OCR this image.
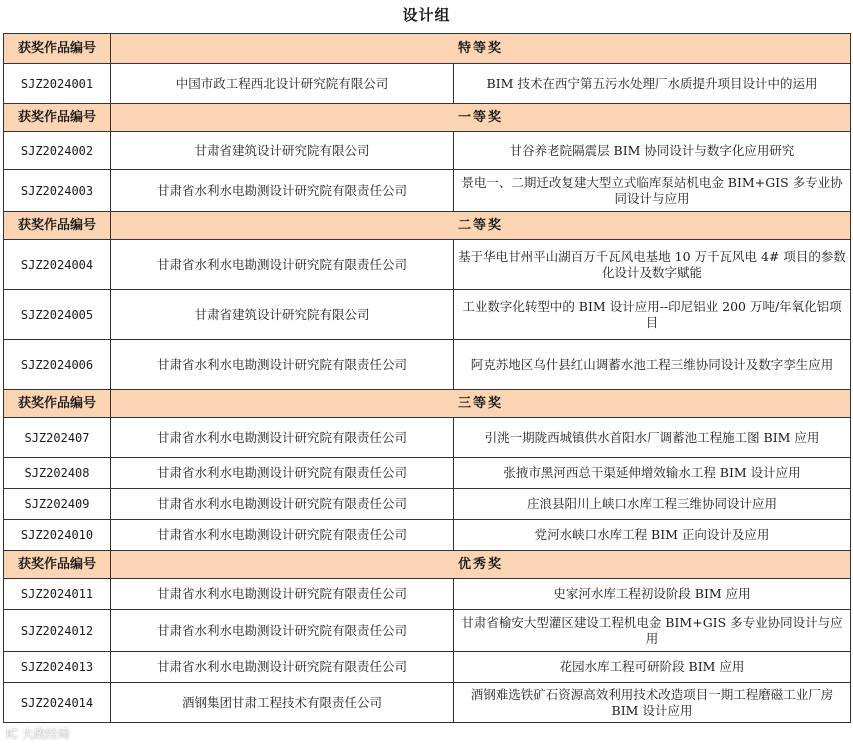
设计组
获奖作品编号	特等奖	
SJZ2024001	中国市政工程西北设计研究院有限公司	BIM 技术在西宁第五污水处理厂水质提升项目设计中的运用
获奖作品编号	一等奖	
SJZ2024002	甘肃省建筑设计研究院有限公司	甘谷养老院隔震层 BIM 协同设计与数字化应用研究
SJZ2024003	甘肃省水利水电勘测设计研究院有限责任公司	景电一、二期迁改复建大型立式临库泵站机电金 BIM+GIS 多专业协同设计与应用
获奖作品编号	二等奖	
SJZ2024004	甘肃省水利水电勘测设计研究院有限责任公司	基于华电甘州平山湖百万千瓦风电基地 10 万千瓦风电 4# 项目的参数化设计及数字赋能
SJZ2024005	甘肃省建筑设计研究院有限公司	工业数字化转型中的 BIM 设计应用--印尼铝业 200 万吨/年氧化铝项目
SJZ2024006	甘肃省水利水电勘测设计研究院有限责任公司	阿克苏地区乌什县红山调蓄水池工程三维协同设计及数字孪生应用
获奖作品编号	三等奖	
SJZ202407	甘肃省水利水电勘测设计研究院有限责任公司	引洮一期陇西城镇供水首阳水厂调蓄池工程施工图 BIM 应用
SJZ202408	甘肃省水利水电勘测设计研究院有限责任公司	张掖市黑河西总干渠延伸增效输水工程 BIM 设计应用
SJZ202409	甘肃省水利水电勘测设计研究院有限责任公司	庄浪县阳川上峡口水库工程三维协同设计应用
SJZ2024010	甘肃省水利水电勘测设计研究院有限责任公司	党河水峡口水库工程 BIM 正向设计及应用
获奖作品编号	优秀奖	
SJZ2024011	甘肃省水利水电勘测设计研究院有限责任公司	史家河水库工程初设阶段 BIM 应用
SJZ2024012	甘肃省水利水电勘测设计研究院有限责任公司	甘肃省榆安大型灌区建设工程机电金 BIM+GIS 多专业协同设计与应用
SJZ2024013	甘肃省水利水电勘测设计研究院有限责任公司	花园水库工程可研阶段 BIM 应用
SJZ2024014	酒钢集团甘肃工程技术有限责任公司	酒钢难选铁矿石资源高效利用技术改造项目一期工程磨磁工业厂房 BIM 设计应用
IC 大政经局
